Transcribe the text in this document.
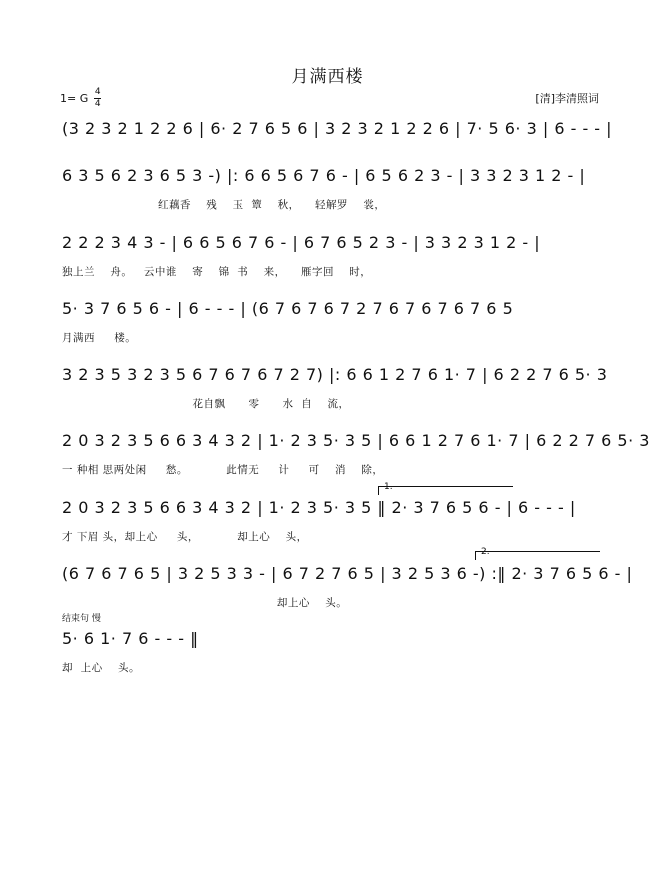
月满西楼
1= G $\frac{4}{4}$	[清]李清照词
(3 2 3 2 1 2 2 6 | 6· 2 7 6 5 6 | 3 2 3 2 1 2 2 6 | 7· 5 6· 3 | 6 - - - |
6 3 5 6 2 3 6 5 3 -) |: 6 6 5 6 7 6 - | 6 5 6 2 3 - | 3 3 2 3 1 2 - |
红藕香    残    玉  簟    秋，    轻解罗    裳，
2 2 2 3 4 3 - | 6 6 5 6 7 6 - | 6 7 6 5 2 3 - | 3 3 2 3 1 2 - |
独上兰    舟。   云中谁    寄    锦  书    来，    雁字回    时，
5· 3 7 6 5 6 - | 6 - - - | (6 7 6 7 6 7 2 7 6 7 6 7 6 7 6 5
月满西     楼。
3 2 3 5 3 2 3 5 6 7 6 7 6 7 2 7) |: 6 6 1 2 7 6 1· 7 | 6 2 2 7 6 5· 3
花自飘      零      水  自    流，
2 0 3 2 3 5 6 6 3 4 3 2 | 1· 2 3 5· 3 5 | 6 6 1 2 7 6 1· 7 | 6 2 2 7 6 5· 3
一 种相 思两处闲     愁。          此情无     计     可    消    除，
1.
2 0 3 2 3 5 6 6 3 4 3 2 | 1· 2 3 5· 3 5 ‖ 2· 3 7 6 5 6 - | 6 - - - |
才 下眉 头，却上心     头，          却上心    头，
2.
(6 7 6 7 6 5 | 3 2 5 3 3 - | 6 7 2 7 6 5 | 3 2 5 3 6 -) :‖ 2· 3 7 6 5 6 - |
却上心    头。
结束句 慢
5· 6 1· 7 6 - - - ‖
却  上心    头。
